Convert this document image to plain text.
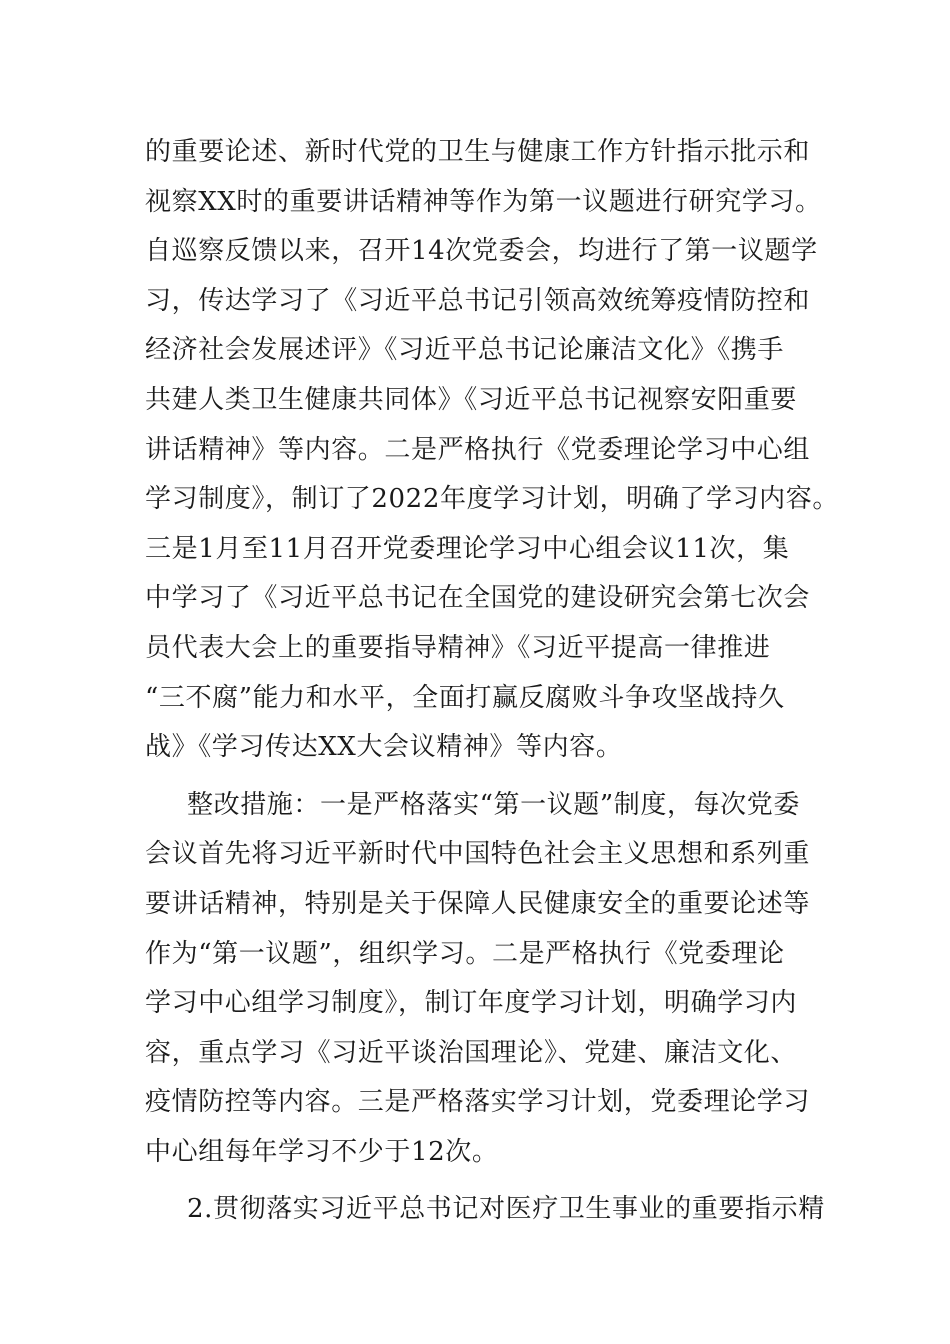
的重要论述、新时代党的卫生与健康工作方针指示批示和
视察XX时的重要讲话精神等作为第一议题进行研究学习。
自巡察反馈以来，召开14次党委会，均进行了第一议题学
习，传达学习了《习近平总书记引领高效统筹疫情防控和
经济社会发展述评》《习近平总书记论廉洁文化》《携手
共建人类卫生健康共同体》《习近平总书记视察安阳重要
讲话精神》等内容。二是严格执行《党委理论学习中心组
学习制度》，制订了2022年度学习计划，明确了学习内容。
三是1月至11月召开党委理论学习中心组会议11次，集
中学习了《习近平总书记在全国党的建设研究会第七次会
员代表大会上的重要指导精神》《习近平提高一律推进
“三不腐”能力和水平，全面打赢反腐败斗争攻坚战持久
战》《学习传达XX大会议精神》等内容。
整改措施：一是严格落实“第一议题”制度，每次党委
会议首先将习近平新时代中国特色社会主义思想和系列重
要讲话精神，特别是关于保障人民健康安全的重要论述等
作为“第一议题”，组织学习。二是严格执行《党委理论
学习中心组学习制度》，制订年度学习计划，明确学习内
容，重点学习《习近平谈治国理论》、党建、廉洁文化、
疫情防控等内容。三是严格落实学习计划，党委理论学习
中心组每年学习不少于12次。
2.贯彻落实习近平总书记对医疗卫生事业的重要指示精
